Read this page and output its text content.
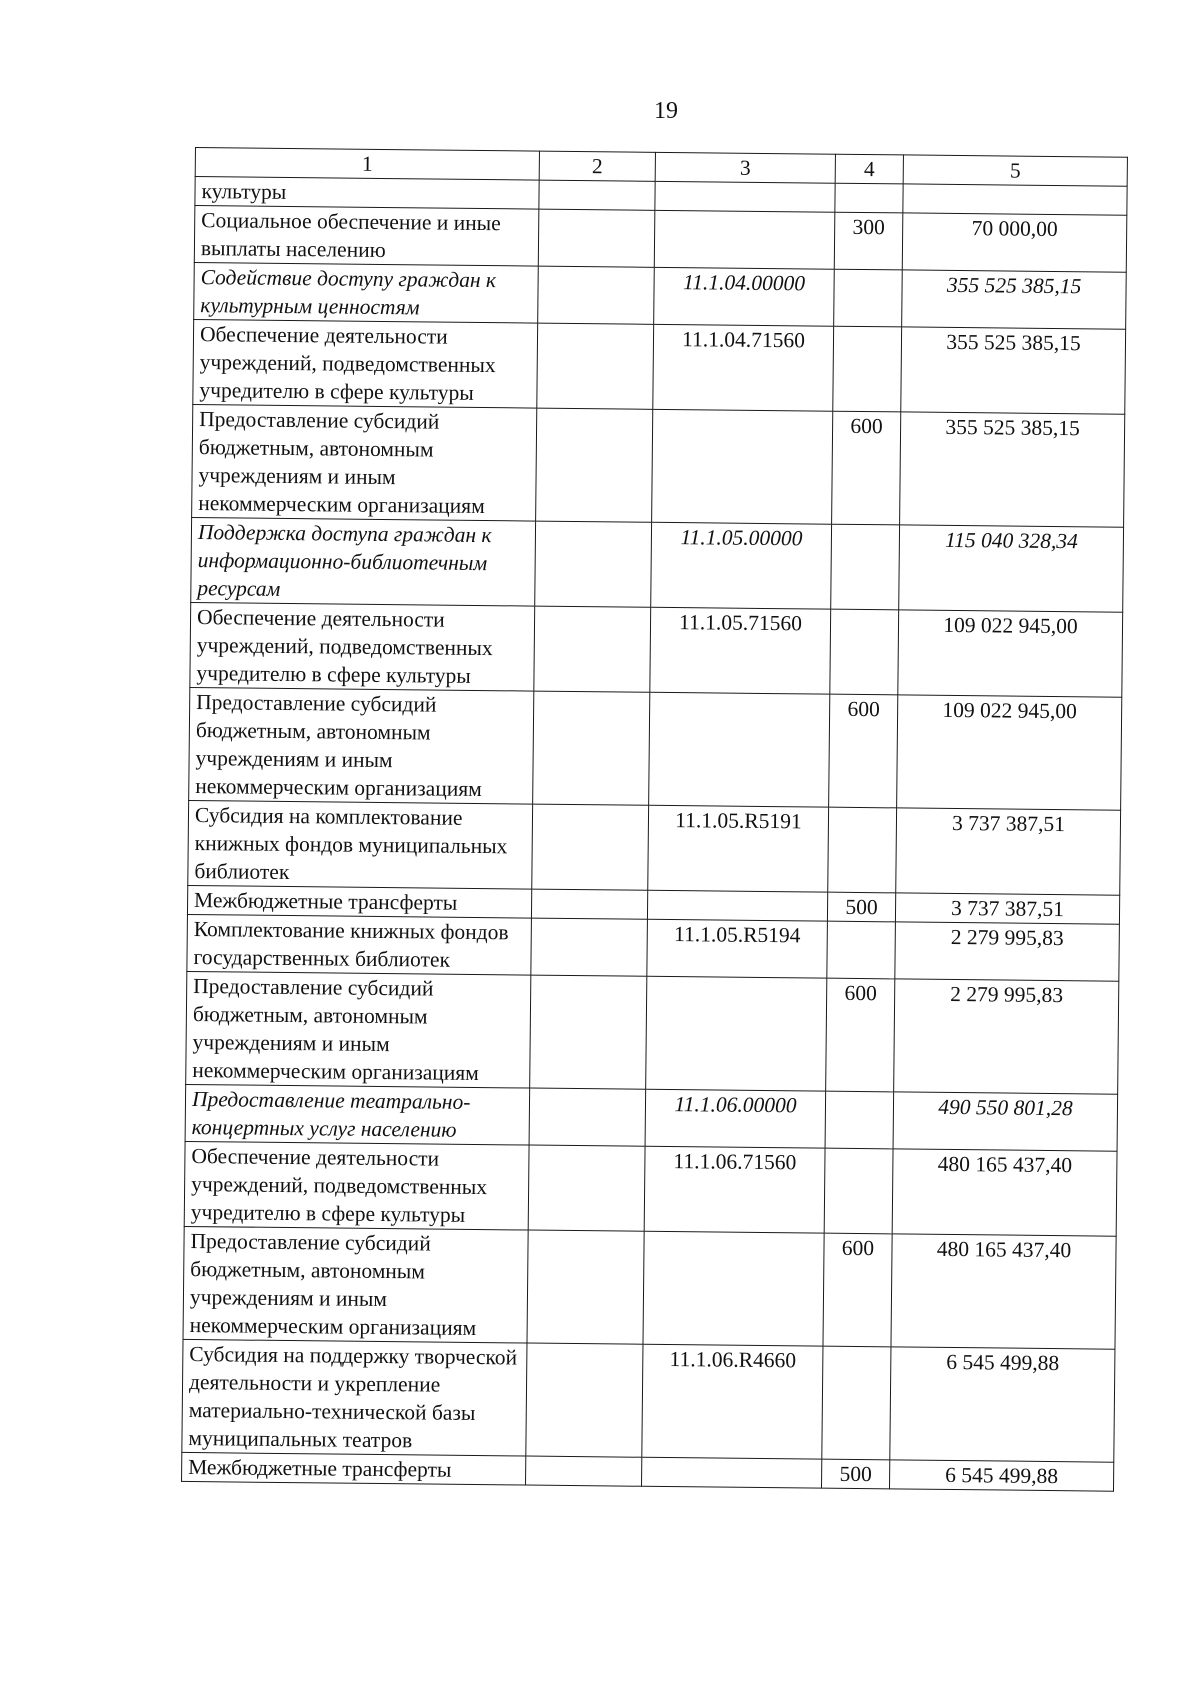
19
1	2	3	4	5
культуры				
Социальное обеспечение и иные выплаты населению			300	70 000,00
Содействие доступу граждан к культурным ценностям		11.1.04.00000		355 525 385,15
Обеспечение деятельности учреждений, подведомственных учредителю в сфере культуры		11.1.04.71560		355 525 385,15
Предоставление субсидий бюджетным, автономным учреждениям и иным некоммерческим организациям			600	355 525 385,15
Поддержка доступа граждан к информационно-библиотечным ресурсам		11.1.05.00000		115 040 328,34
Обеспечение деятельности учреждений, подведомственных учредителю в сфере культуры		11.1.05.71560		109 022 945,00
Предоставление субсидий бюджетным, автономным учреждениям и иным некоммерческим организациям			600	109 022 945,00
Субсидия на комплектование книжных фондов муниципальных библиотек		11.1.05.R5191		3 737 387,51
Межбюджетные трансферты			500	3 737 387,51
Комплектование книжных фондов государственных библиотек		11.1.05.R5194		2 279 995,83
Предоставление субсидий бюджетным, автономным учреждениям и иным некоммерческим организациям			600	2 279 995,83
Предоставление театрально-концертных услуг населению		11.1.06.00000		490 550 801,28
Обеспечение деятельности учреждений, подведомственных учредителю в сфере культуры		11.1.06.71560		480 165 437,40
Предоставление субсидий бюджетным, автономным учреждениям и иным некоммерческим организациям			600	480 165 437,40
Субсидия на поддержку творческой деятельности и укрепление материально-технической базы муниципальных театров		11.1.06.R4660		6 545 499,88
Межбюджетные трансферты			500	6 545 499,88
